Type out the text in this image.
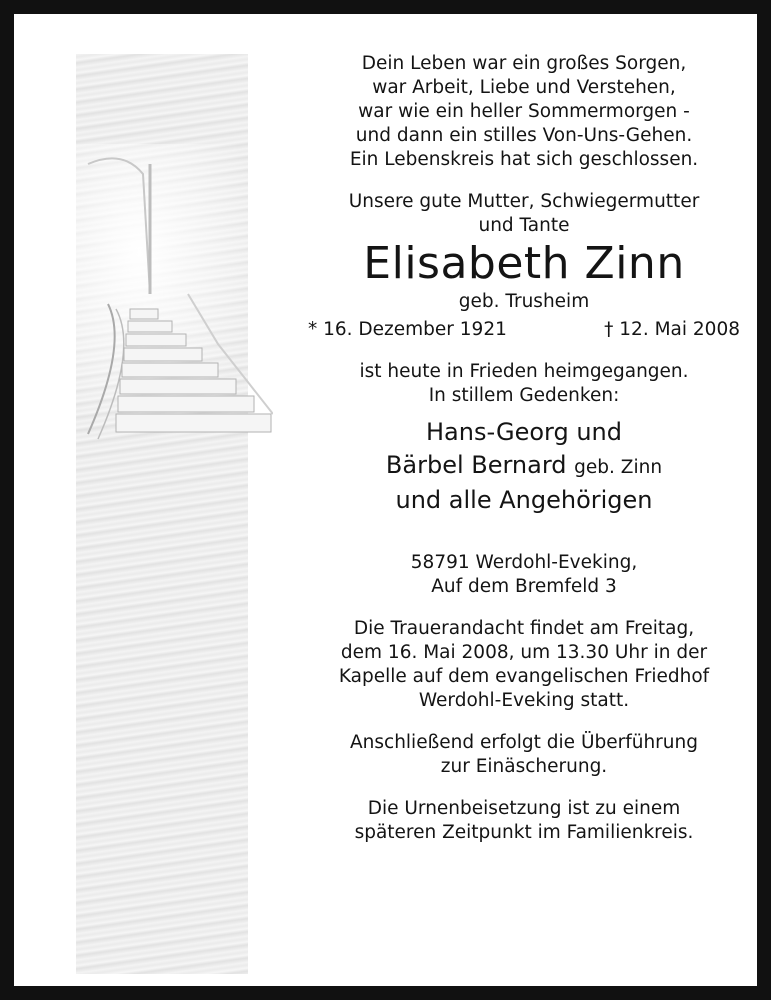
Dein Leben war ein großes Sorgen,
war Arbeit, Liebe und Verstehen,
war wie ein heller Sommermorgen -
und dann ein stilles Von-Uns-Gehen.

Ein Lebenskreis hat sich geschlossen.

Unsere gute Mutter, Schwiegermutter
und Tante

Elisabeth Zinn

geb. Trusheim

* 16. Dezember 1921	† 12. Mai 2008

ist heute in Frieden heimgegangen.

In stillem Gedenken:

Hans-Georg und
Bärbel Bernard geb. Zinn
und alle Angehörigen
58791 Werdohl-Eveking,
Auf dem Bremfeld 3
Die Trauerandacht findet am Freitag,
dem 16. Mai 2008, um 13.30 Uhr in der
Kapelle auf dem evangelischen Friedhof
Werdohl-Eveking statt.
Anschließend erfolgt die Überführung
zur Einäscherung.
Die Urnenbeisetzung ist zu einem
späteren Zeitpunkt im Familienkreis.
